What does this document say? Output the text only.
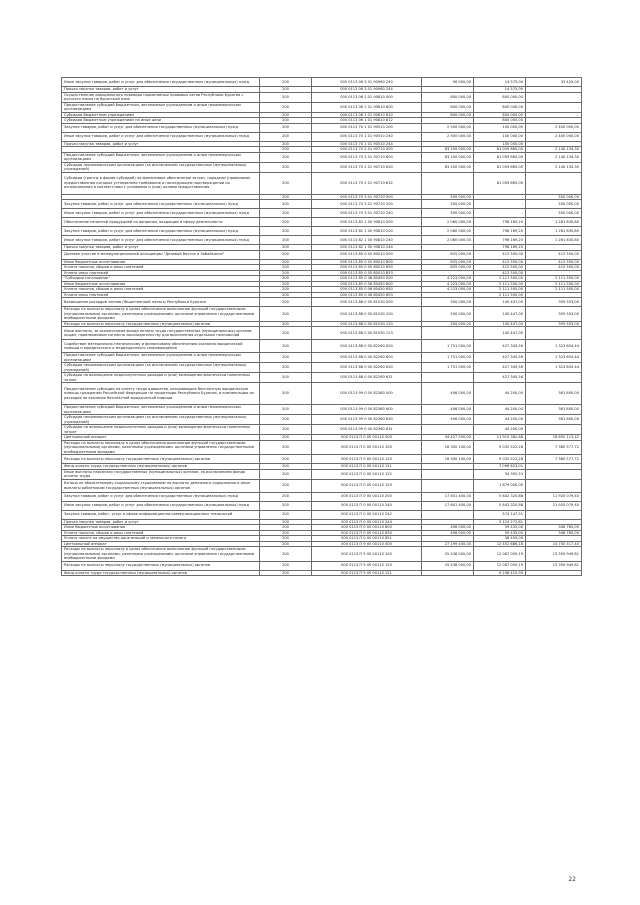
Иные закупки товаров, работ и услуг для обеспечения государственных (муниципальных) нужд	200	000 0113 06 3 01 90960 240	90 000,00	14 575,00	33 425,00
Прочая закупка товаров, работ и услуг	200	000 0113 06 3 01 90960 244		14 575,00	
Осуществление официального перевода нормативных правовых актов Республики Бурятия с русского языка на бурятский язык	200	000 0113 06 1 01 90810 000	800 000,00	800 000,00	-
Предоставление субсидий бюджетным, автономным учреждениям и иным некоммерческим организациям	200	000 0113 06 1 01 90810 600	800 000,00	800 000,00	-
Субсидии бюджетным учреждениям	200	000 0113 06 1 01 90810 610	800 000,00	800 000,00	-
Субсидии бюджетным учреждениям на иные цели	200	000 0113 06 1 01 90810 612		800 000,00	
Закупка товаров, работ и услуг для обеспечения государственных (муниципальных) нужд	200	000 0113 70 1 01 90510 200	2 500 000,00	100 000,00	2 400 000,00
Иные закупки товаров, работ и услуг для обеспечения государственных (муниципальных) нужд	200	000 0113 70 1 01 90510 240	2 500 000,00	100 000,00	2 400 000,00
Прочая закупка товаров, работ и услуг	200	000 0113 70 1 01 90510 244		100 000,00	
	200	000 0113 70 2 01 90710 000	83 200 000,00	81 059 865,00	2 140 134,30
Предоставление субсидий бюджетным, автономным учреждениям и иным некоммерческим организациям	200	000 0113 70 2 01 90710 600	83 200 000,00	81 059 865,00	2 140 134,30
Субсидии некоммерческим организациям (за исключением государственных (муниципальных) учреждений)	200	000 0113 70 2 01 90710 630	83 200 000,00	81 059 865,00	2 140 134,30
Субсидии (гранты в форме субсидий) на финансовое обеспечение затрат, порядком (правилами) предоставления которых установлено требование о последующем подтверждении их использования в соответствии с условиями и (или) целями предоставления	200	000 0113 70 2 01 90710 632		81 059 865,00	
	200	000 0113 70 3 01 90720 000	500 000,00	-	500 000,00
Закупка товаров, работ и услуг для обеспечения государственных (муниципальных) нужд	200	000 0113 70 3 01 90720 200	500 000,00	-	500 000,00
Иные закупки товаров, работ и услуг для обеспечения государственных (муниципальных) нужд	200	000 0113 70 3 01 90720 240	500 000,00	-	500 000,00
Обеспечение печатной продукцией по вопросам, входящим в сферу деятельности	200	000 0113 82 1 00 90810 000	2 060 000,00	798 169,20	1 261 830,80
Закупка товаров, работ и услуг для обеспечения государственных (муниципальных) нужд	200	000 0113 82 1 00 90810 200	2 060 000,00	798 169,20	1 261 830,80
Иные закупки товаров, работ и услуг для обеспечения государственных (муниципальных) нужд	200	000 0113 82 1 00 90810 240	2 060 000,00	798 169,20	1 261 830,80
Прочая закупка товаров, работ и услуг	200	000 0113 82 1 00 90810 244		798 169,20	
Долевое участие в межмуниципальной ассоциации "Деловой Восток и Забайкалье"	200	000 0113 85 0 05 80010 000	825 000,00	412 500,00	412 500,00
Иные бюджетные ассигнования	200	000 0113 85 0 05 80010 800	825 000,00	412 500,00	412 500,00
Уплата налогов, сборов и иных платежей	200	000 0113 85 0 05 80010 850	825 000,00	412 500,00	412 500,00
Уплата иных платежей	200	000 0113 85 0 05 80010 853		412 500,00	
"Субсидии соглашение"	200	000 0113 85 0 06 80450 000	4 223 000,00	2 111 500,00	2 111 500,00
Иные бюджетные ассигнования	200	000 0113 85 0 06 80450 800	4 223 000,00	2 111 500,00	2 111 500,00
Уплата налогов, сборов и иных платежей	200	000 0113 85 0 06 80450 850	4 223 000,00	2 111 500,00	2 111 500,00
Уплата иных платежей	200	000 0113 85 0 06 80450 853		2 111 500,00	
Возмещение расходов членов Общественной палаты Республики Бурятия	200	000 0113 88 0 00 81030 000	500 000,00	140 447,00	359 553,00
Расходы на выплаты персоналу в целях обеспечения выполнения функций государственными (муниципальными) органами, казенными учреждениями, органами управления государственными внебюджетными фондами	200	000 0113 88 0 00 81030 100	500 000,00	140 447,00	359 553,00
Расходы на выплаты персоналу государственных (муниципальных) органов	200	000 0113 88 0 00 81030 120	500 000,00	140 447,00	359 553,00
Иные выплаты, за исключением фонда оплаты труда государственных (муниципальных) органов, лицам, привлекаемым согласно законодательству для выполнения отдельных полномочий	200	000 0113 88 0 00 81030 123		140 447,00	
Содействие материально-техническому и финансовому обеспечению оказания юридической помощи и юридического и медиационного сопровождения	200	000 0113 88 0 00 82260 000	1 751 000,00	427 345,56	1 323 654,44
Предоставление субсидий бюджетным, автономным учреждениям и иным некоммерческим организациям	200	000 0113 88 0 00 82260 600	1 751 000,00	427 345,56	1 323 654,44
Субсидии некоммерческим организациям (за исключением государственных (муниципальных) учреждений)	200	000 0113 88 0 00 82260 630	1 751 000,00	427 345,56	1 323 654,44
Субсидии на возмещение недополученных доходов и (или) возмещение фактически понесенных затрат	200	000 0113 88 0 00 82260 631		427 345,56	
Предоставление субсидии на оплату труда адвокатов, оказывающих бесплатную юридическую помощь гражданам Российской Федерации на территории Республики Бурятия, и компенсацию их расходов на оказание бесплатной юридической помощи	200	000 0113 99 0 00 82360 000	406 000,00	44 200,00	361 800,00
Предоставление субсидий бюджетным, автономным учреждениям и иным некоммерческим организациям	200	000 0113 99 0 00 82360 600	406 000,00	44 200,00	361 800,00
Субсидии некоммерческим организациям (за исключением государственных (муниципальных) учреждений)	200	000 0113 99 0 00 82360 630	406 000,00	44 200,00	361 800,00
Субсидии на возмещение недополученных доходов и (или) возмещение фактически понесенных затрат	200	000 0113 99 0 00 82360 631		44 200,00	
Центральный аппарат	200	000 0113 П 0 00 00110 000	34 427 500,00	11 915 382,88	18 692 113,12
Расходы на выплаты персоналу в целях обеспечения выполнения функций государственными (муниципальными) органами, казенными учреждениями, органами управления государственными внебюджетными фондами	200	000 0113 П 0 00 00110 100	16 300 100,00	9 032 522,28	7 380 577,72
Расходы на выплаты персоналу государственных (муниципальных) органов	200	000 0113 П 0 00 00110 120	16 300 100,00	9 032 522,28	7 380 577,72
Фонд оплаты труда государственных (муниципальных) органов	200	000 0113 П 0 00 00110 121		7 096 623,01	
Иные выплаты персоналу государственных (муниципальных) органов, за исключением фонда оплаты труда	200	000 0113 П 0 00 00110 122		54 392,53	
Взносы по обязательному социальному страхованию на выплаты денежного содержания и иные выплаты работникам государственных (муниципальных) органов	200	000 0113 П 0 00 00110 129		1 879 000,00	
Закупка товаров, работ и услуг для обеспечения государственных (муниципальных) нужд	200	000 0113 П 0 00 00110 200	17 601 400,00	5 842 320,88	11 920 079,40
Иные закупки товаров, работ и услуг для обеспечения государственных (муниципальных) нужд	200	000 0113 П 0 00 00110 240	17 601 400,00	5 842 320,88	11 920 079,40
Закупка товаров, работ, услуг в сфере информационно-коммуникационных технологий	200	000 0113 П 0 00 00110 242		574 147,51	
Прочая закупка товаров, работ и услуг	200	000 0113 П 0 00 00110 244		5 114 272,81	
Иные бюджетные ассигнования	200	000 0113 П 0 00 00110 800	406 000,00	59 435,00	346 765,00
Уплата налогов, сборов и иных платежей	200	000 0113 П 0 00 00110 850	406 000,00	59 435,00	346 765,00
Уплата налога на имущество организаций и земельного налога	200	000 0113 П 0 00 00110 851		58 455,00	
Центральный аппарат	200	000 0113 П 9 00 00110 000	27 199 400,00	12 452 686,18	14 750 517,40
Расходы на выплаты персоналу в целях обеспечения выполнения функций государственными (муниципальными) органами, казенными учреждениями, органами управления государственными внебюджетными фондами	200	000 0113 П 9 00 00110 100	25 438 000,00	12 087 059,19	13 350 949,81
Расходы на выплаты персоналу государственных (муниципальных) органов	200	000 0113 П 9 00 00110 120	25 438 000,00	12 087 059,19	13 350 949,81
Фонд оплаты труда государственных (муниципальных) органов	200	000 0113 П 9 00 00110 121		9 248 415,99	
22
